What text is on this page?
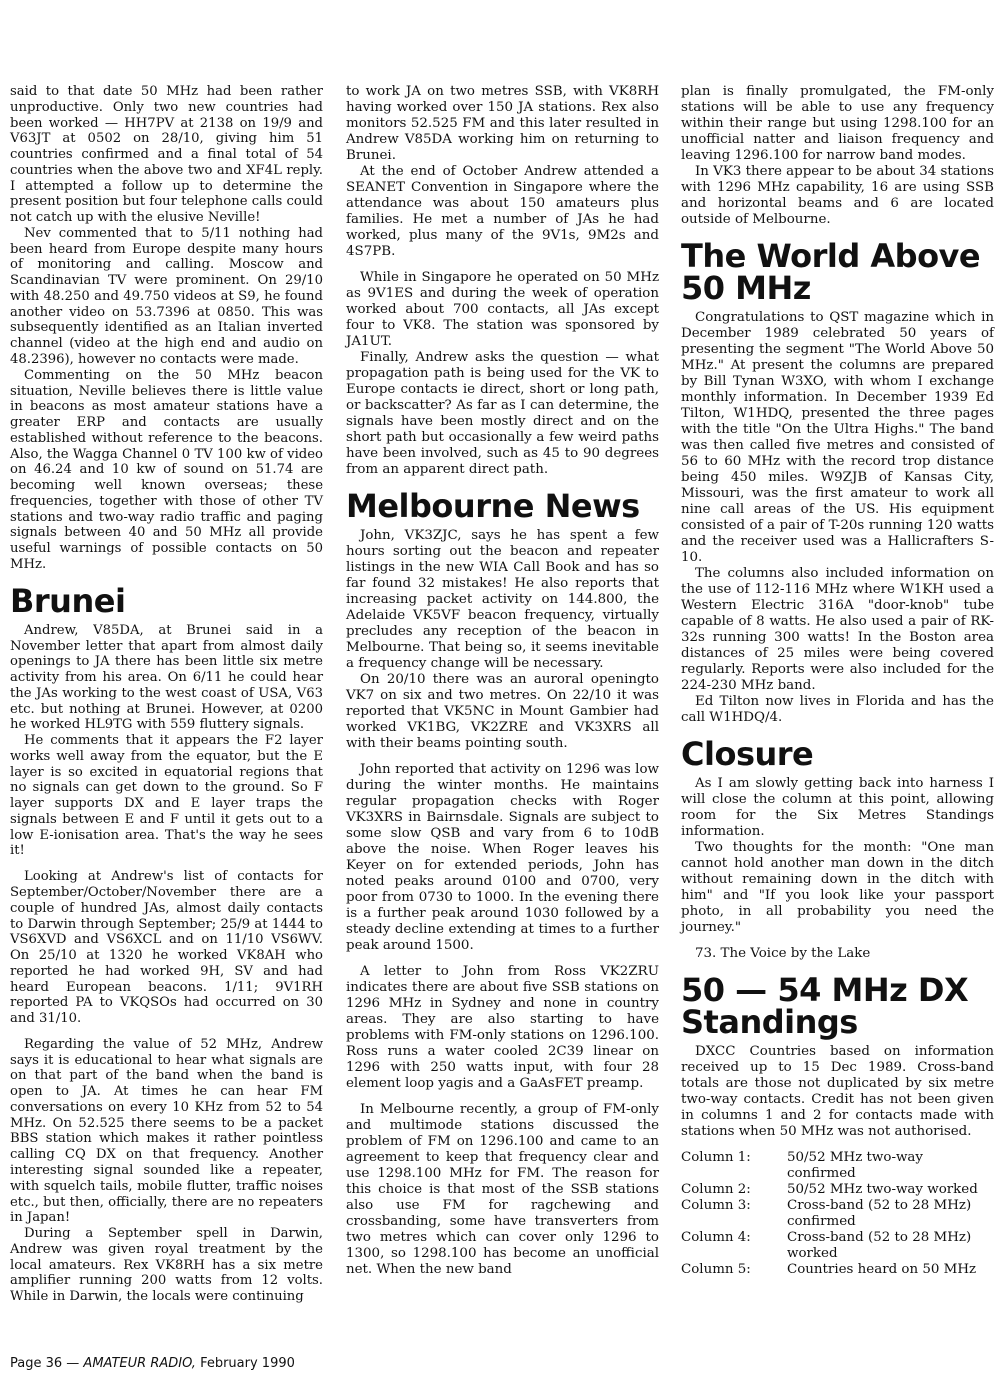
said to that date 50 MHz had been rather unproductive. Only two new countries had been worked — HH7PV at 2138 on 19/9 and V63JT at 0502 on 28/10, giving him 51 countries confirmed and a final total of 54 countries when the above two and XF4L reply. I attempted a follow up to determine the present position but four telephone calls could not catch up with the elusive Neville!

Nev commented that to 5/11 nothing had been heard from Europe despite many hours of monitoring and calling. Moscow and Scandinavian TV were prominent. On 29/10 with 48.250 and 49.750 videos at S9, he found another video on 53.7396 at 0850. This was subsequently identified as an Italian inverted channel (video at the high end and audio on 48.2396), however no contacts were made.

Commenting on the 50 MHz beacon situation, Neville believes there is little value in beacons as most amateur stations have a greater ERP and contacts are usually established without reference to the beacons. Also, the Wagga Channel 0 TV 100 kw of video on 46.24 and 10 kw of sound on 51.74 are becoming well known overseas; these frequencies, together with those of other TV stations and two-way radio traffic and paging signals between 40 and 50 MHz all provide useful warnings of possible contacts on 50 MHz.

Brunei

Andrew, V85DA, at Brunei said in a November letter that apart from almost daily openings to JA there has been little six metre activity from his area. On 6/11 he could hear the JAs working to the west coast of USA, V63 etc. but nothing at Brunei. However, at 0200 he worked HL9TG with 559 fluttery signals.

He comments that it appears the F2 layer works well away from the equator, but the E layer is so excited in equatorial regions that no signals can get down to the ground. So F layer supports DX and E layer traps the signals between E and F until it gets out to a low E-ionisation area. That's the way he sees it!

Looking at Andrew's list of contacts for September/October/November there are a couple of hundred JAs, almost daily contacts to Darwin through September; 25/9 at 1444 to VS6XVD and VS6XCL and on 11/10 VS6WV. On 25/10 at 1320 he worked VK8AH who reported he had worked 9H, SV and had heard European beacons. 1/11; 9V1RH reported PA to VKQSOs had occurred on 30 and 31/10.

Regarding the value of 52 MHz, Andrew says it is educational to hear what signals are on that part of the band when the band is open to JA. At times he can hear FM conversations on every 10 KHz from 52 to 54 MHz. On 52.525 there seems to be a packet BBS station which makes it rather pointless calling CQ DX on that frequency. Another interesting signal sounded like a repeater, with squelch tails, mobile flutter, traffic noises etc., but then, officially, there are no repeaters in Japan!

During a September spell in Darwin, Andrew was given royal treatment by the local amateurs. Rex VK8RH has a six metre amplifier running 200 watts from 12 volts. While in Darwin, the locals were continuing

to work JA on two metres SSB, with VK8RH having worked over 150 JA stations. Rex also monitors 52.525 FM and this later resulted in Andrew V85DA working him on returning to Brunei.

At the end of October Andrew attended a SEANET Convention in Singapore where the attendance was about 150 amateurs plus families. He met a number of JAs he had worked, plus many of the 9V1s, 9M2s and 4S7PB.

While in Singapore he operated on 50 MHz as 9V1ES and during the week of operation worked about 700 contacts, all JAs except four to VK8. The station was sponsored by JA1UT.

Finally, Andrew asks the question — what propagation path is being used for the VK to Europe contacts ie direct, short or long path, or backscatter? As far as I can determine, the signals have been mostly direct and on the short path but occasionally a few weird paths have been involved, such as 45 to 90 degrees from an apparent direct path.

Melbourne News

John, VK3ZJC, says he has spent a few hours sorting out the beacon and repeater listings in the new WIA Call Book and has so far found 32 mistakes! He also reports that increasing packet activity on 144.800, the Adelaide VK5VF beacon frequency, virtually precludes any reception of the beacon in Melbourne. That being so, it seems inevitable a frequency change will be necessary.

On 20/10 there was an auroral openingto VK7 on six and two metres. On 22/10 it was reported that VK5NC in Mount Gambier had worked VK1BG, VK2ZRE and VK3XRS all with their beams pointing south.

John reported that activity on 1296 was low during the winter months. He maintains regular propagation checks with Roger VK3XRS in Bairnsdale. Signals are subject to some slow QSB and vary from 6 to 10dB above the noise. When Roger leaves his Keyer on for extended periods, John has noted peaks around 0100 and 0700, very poor from 0730 to 1000. In the evening there is a further peak around 1030 followed by a steady decline extending at times to a further peak around 1500.

A letter to John from Ross VK2ZRU indicates there are about five SSB stations on 1296 MHz in Sydney and none in country areas. They are also starting to have problems with FM-only stations on 1296.100. Ross runs a water cooled 2C39 linear on 1296 with 250 watts input, with four 28 element loop yagis and a GaAsFET preamp.

In Melbourne recently, a group of FM-only and multimode stations discussed the problem of FM on 1296.100 and came to an agreement to keep that frequency clear and use 1298.100 MHz for FM. The reason for this choice is that most of the SSB stations also use FM for ragchewing and crossbanding, some have transverters from two metres which can cover only 1296 to 1300, so 1298.100 has become an unofficial net. When the new band

plan is finally promulgated, the FM-only stations will be able to use any frequency within their range but using 1298.100 for an unofficial natter and liaison frequency and leaving 1296.100 for narrow band modes.

In VK3 there appear to be about 34 stations with 1296 MHz capability, 16 are using SSB and horizontal beams and 6 are located outside of Melbourne.

The World Above 50 MHz

Congratulations to QST magazine which in December 1989 celebrated 50 years of presenting the segment "The World Above 50 MHz." At present the columns are prepared by Bill Tynan W3XO, with whom I exchange monthly information. In December 1939 Ed Tilton, W1HDQ, presented the three pages with the title "On the Ultra Highs." The band was then called five metres and consisted of 56 to 60 MHz with the record trop distance being 450 miles. W9ZJB of Kansas City, Missouri, was the first amateur to work all nine call areas of the US. His equipment consisted of a pair of T-20s running 120 watts and the receiver used was a Hallicrafters S-10.

The columns also included information on the use of 112-116 MHz where W1KH used a Western Electric 316A "door-knob" tube capable of 8 watts. He also used a pair of RK-32s running 300 watts! In the Boston area distances of 25 miles were being covered regularly. Reports were also included for the 224-230 MHz band.

Ed Tilton now lives in Florida and has the call W1HDQ/4.

Closure

As I am slowly getting back into harness I will close the column at this point, allowing room for the Six Metres Standings information.

Two thoughts for the month: "One man cannot hold another man down in the ditch without remaining down in the ditch with him" and "If you look like your passport photo, in all probability you need the journey."

73. The Voice by the Lake

50 — 54 MHz DX Standings

DXCC Countries based on information received up to 15 Dec 1989. Cross-band totals are those not duplicated by six metre two-way contacts. Credit has not been given in columns 1 and 2 for contacts made with stations when 50 MHz was not authorised.

Column 1:	50/52 MHz two-way confirmed
Column 2:	50/52 MHz two-way worked
Column 3:	Cross-band (52 to 28 MHz) confirmed
Column 4:	Cross-band (52 to 28 MHz) worked
Column 5:	Countries heard on 50 MHz
Page 36 — AMATEUR RADIO, February 1990
